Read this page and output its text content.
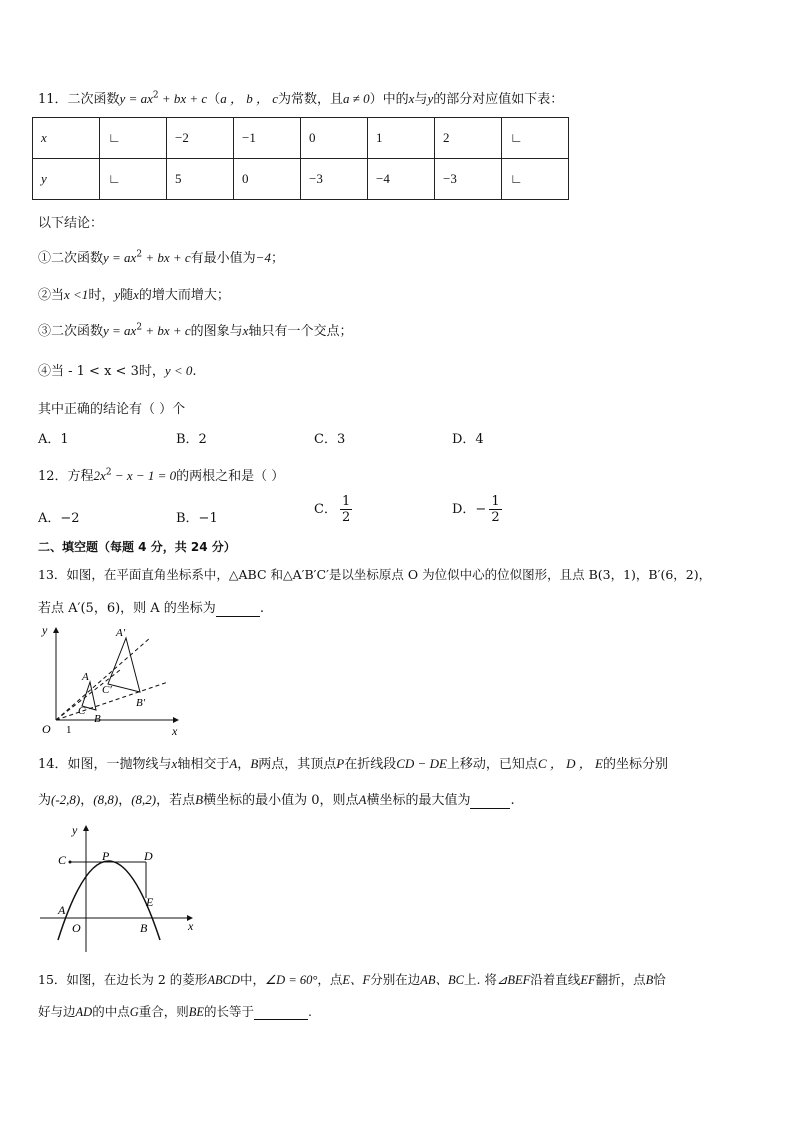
11．二次函数$y = ax^2$ + bx + c（a ， b ， c为常数，且a ≠ 0）中的x与y的部分对应值如下表：
x	∟	−2	−1	0	1	2	∟
y	∟	5	0	−3	−4	−3	∟
以下结论：
①二次函数$y = ax^2$ + bx + c有最小值为−4；
②当x <1时，y随x的增大而增大；
③二次函数$y = ax^2$ + bx + c的图象与x轴只有一个交点；
④当 - 1 < x < 3时，y < 0.
其中正确的结论有（ ）个
A．1	B．2	C．3	D．4
12．方程$2x^2 - x - 1 = 0$的两根之和是（ ）
A．−2	B．−1
C． $\frac{1}{2}$	D．− $\frac{1}{2}$
二、填空题（每题 4 分，共 24 分）
13．如图，在平面直角坐标系中，△ABC 和△A′B′C′是以坐标原点 O 为位似中心的位似图形，且点 B(3，1)，B′(6，2)，
若点 A′(5，6)，则 A 的坐标为	.
y
x
O 1
A
B
C
A′
B′
C′
14．如图，一抛物线与x轴相交于A，B两点，其顶点P在折线段CD − DE上移动，已知点C ， D ， E的坐标分别
为(-2,8)，(8,8)，(8,2)，若点B横坐标的最小值为 0，则点A横坐标的最大值为	.
y
x
O
A
B
C	P	D
E
15．如图，在边长为 2 的菱形ABCD中，∠D = 60°，点E、F分别在边AB、BC上. 将⊿BEF沿着直线EF翻折，点B恰
好与边AD的中点G重合，则BE的长等于	.
